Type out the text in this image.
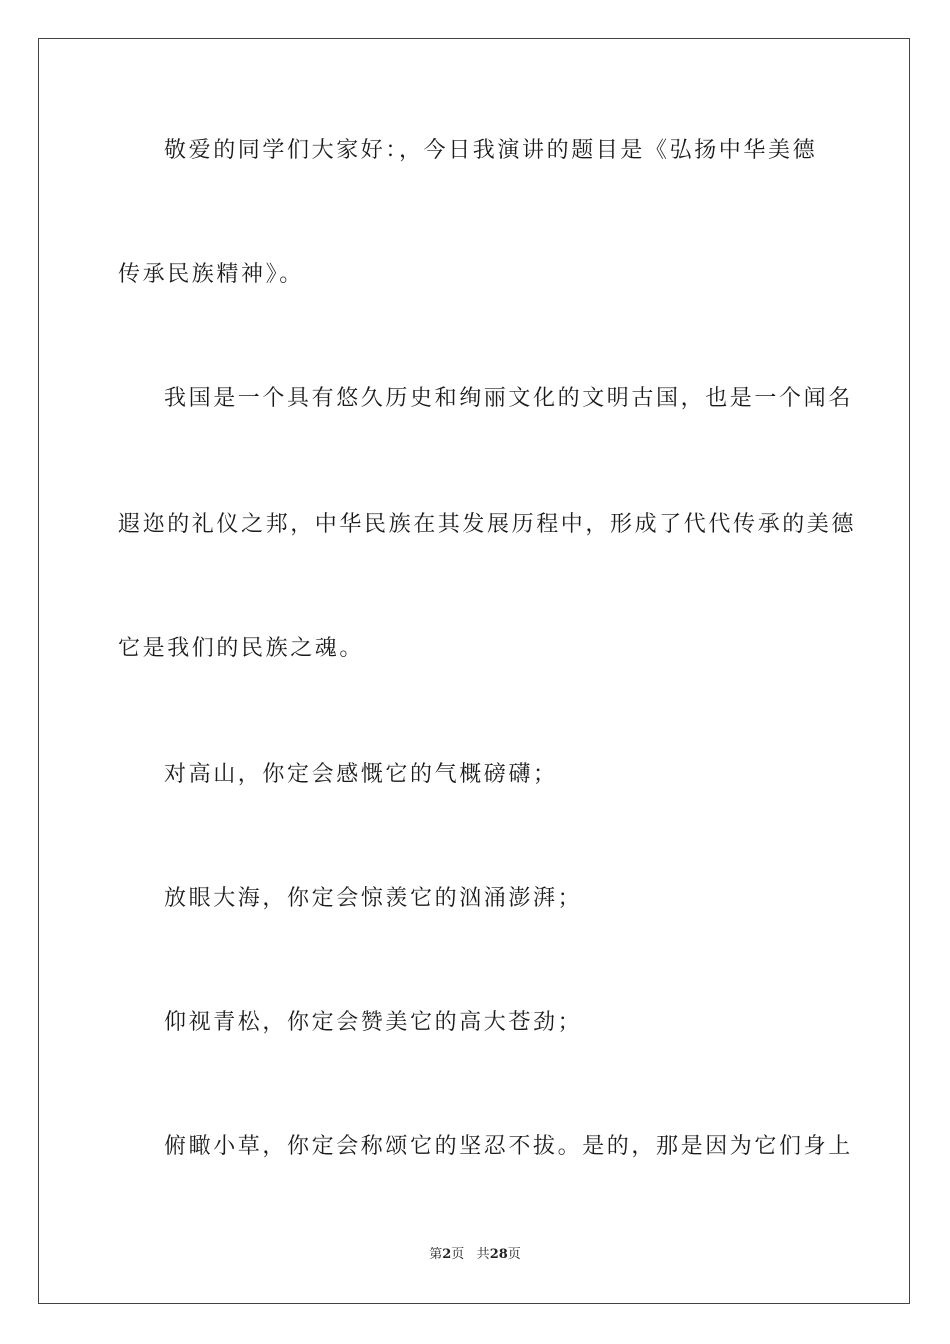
敬爱的同学们大家好：，今日我演讲的题目是《弘扬中华美德
传承民族精神》。
我国是一个具有悠久历史和绚丽文化的文明古国，也是一个闻名
遐迩的礼仪之邦，中华民族在其发展历程中，形成了代代传承的美德
它是我们的民族之魂。
对高山，你定会感慨它的气概磅礴；
放眼大海，你定会惊羡它的汹涌澎湃；
仰视青松，你定会赞美它的高大苍劲；
俯瞰小草，你定会称颂它的坚忍不拔。是的，那是因为它们身上
第2页 共28页
